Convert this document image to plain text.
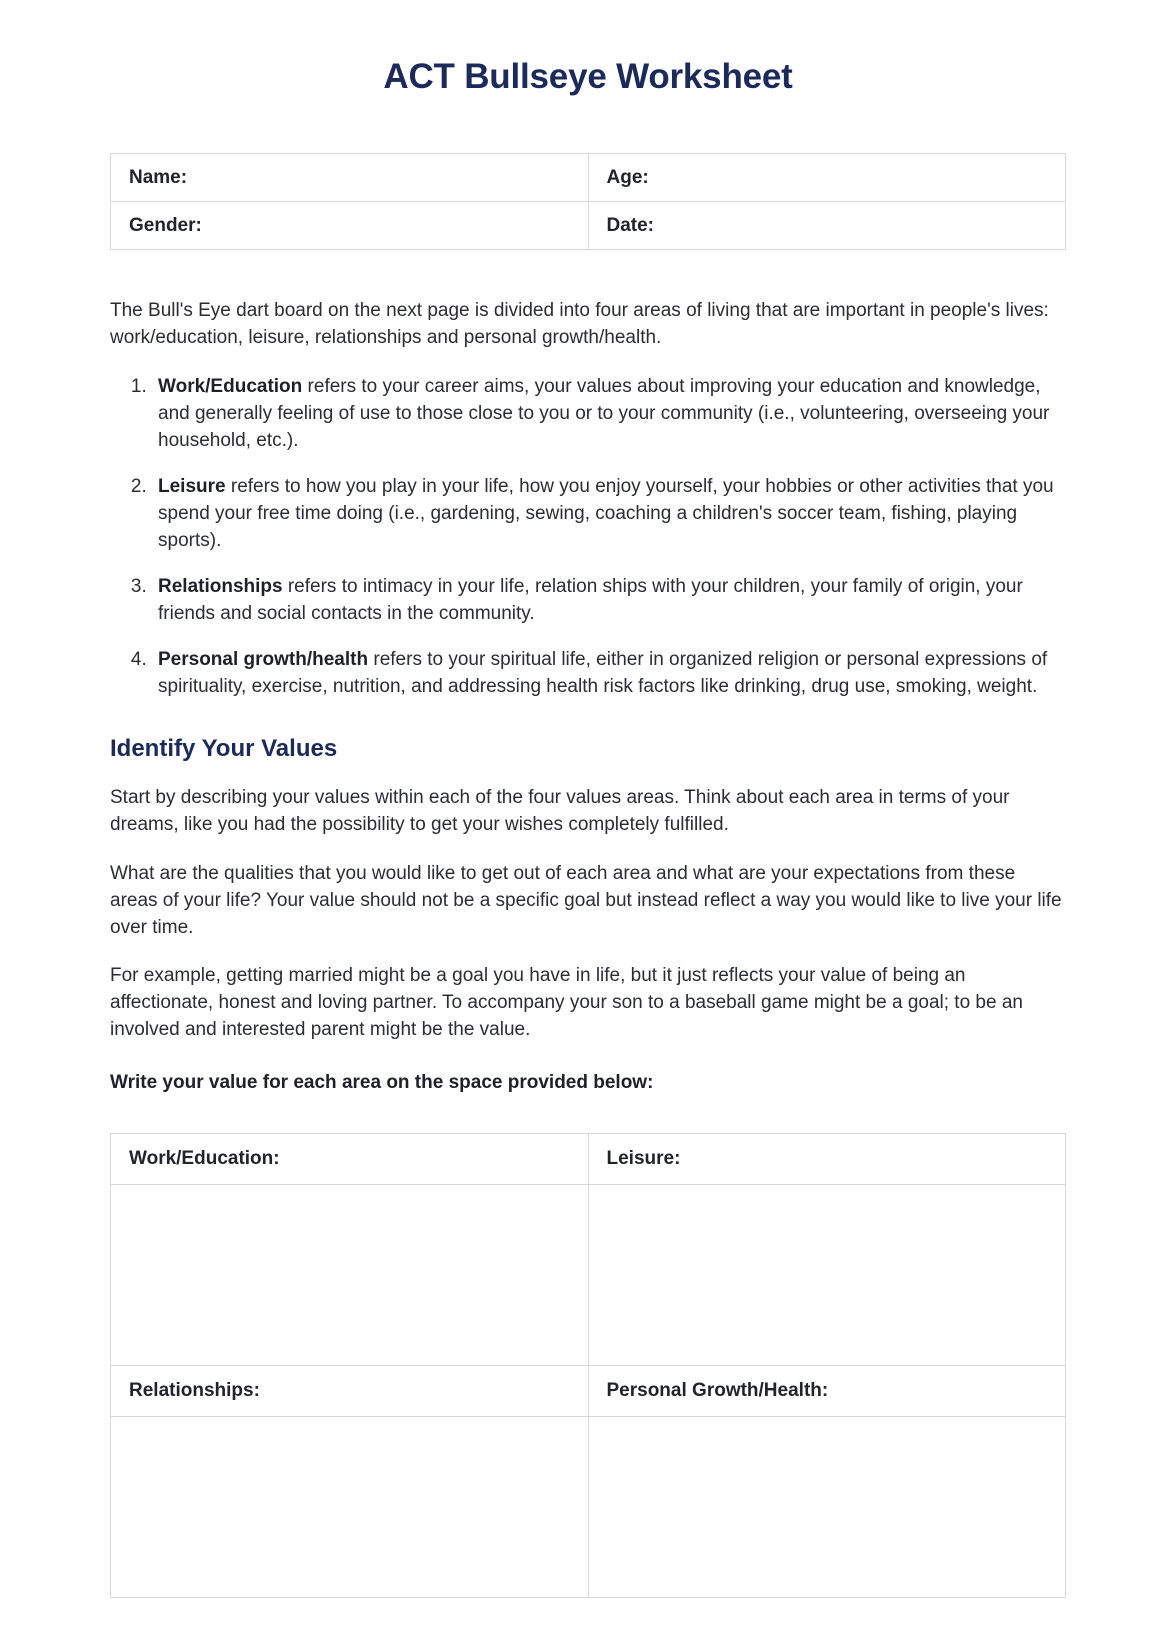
ACT Bullseye Worksheet
Name:	Age:
Gender:	Date:

The Bull's Eye dart board on the next page is divided into four areas of living that are important in people's lives: work/education, leisure, relationships and personal growth/health.

1. Work/Education refers to your career aims, your values about improving your education and knowledge, and generally feeling of use to those close to you or to your community (i.e., volunteering, overseeing your household, etc.).
2. Leisure refers to how you play in your life, how you enjoy yourself, your hobbies or other activities that you spend your free time doing (i.e., gardening, sewing, coaching a children's soccer team, fishing, playing sports).
3. Relationships refers to intimacy in your life, relation ships with your children, your family of origin, your friends and social contacts in the community.
4. Personal growth/health refers to your spiritual life, either in organized religion or personal expressions of spirituality, exercise, nutrition, and addressing health risk factors like drinking, drug use, smoking, weight.
Identify Your Values

Start by describing your values within each of the four values areas. Think about each area in terms of your dreams, like you had the possibility to get your wishes completely fulfilled.

What are the qualities that you would like to get out of each area and what are your expectations from these areas of your life? Your value should not be a specific goal but instead reflect a way you would like to live your life over time.

For example, getting married might be a goal you have in life, but it just reflects your value of being an affectionate, honest and loving partner. To accompany your son to a baseball game might be a goal; to be an involved and interested parent might be the value.

Write your value for each area on the space provided below:

Work/Education:	Leisure:

Relationships:	Personal Growth/Health:
